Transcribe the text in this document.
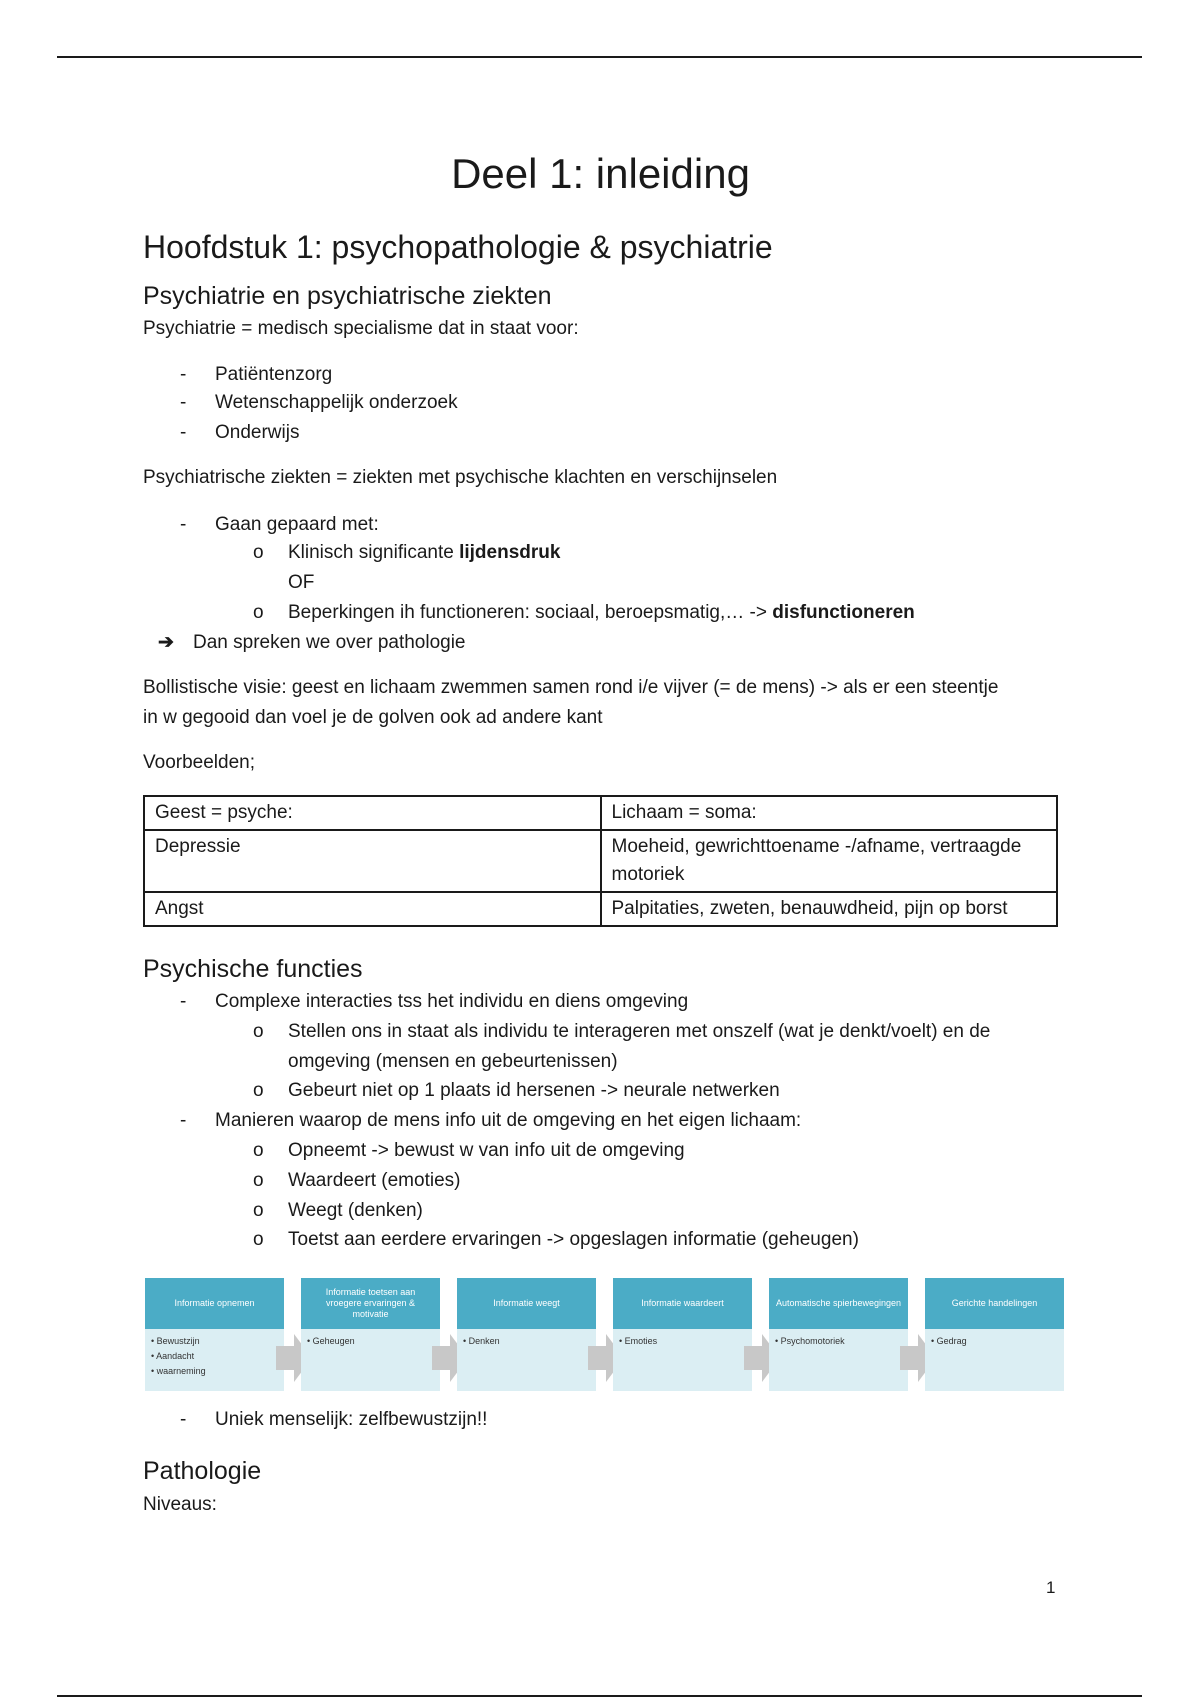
Deel 1: inleiding
Hoofdstuk 1: psychopathologie & psychiatrie
Psychiatrie en psychiatrische ziekten
Psychiatrie = medisch specialisme dat in staat voor:
- Patiëntenzorg
- Wetenschappelijk onderzoek
- Onderwijs
Psychiatrische ziekten = ziekten met psychische klachten en verschijnselen
- Gaan gepaard met:
o Klinisch significante lijdensdruk
OF
o Beperkingen ih functioneren: sociaal, beroepsmatig,… -> disfunctioneren
➔ Dan spreken we over pathologie
Bollistische visie: geest en lichaam zwemmen samen rond i/e vijver (= de mens) -> als er een steentje
in w gegooid dan voel je de golven ook ad andere kant
Voorbeelden;
Geest = psyche:	Lichaam = soma:
Depressie	Moeheid, gewrichttoename -/afname, vertraagde motoriek
Angst	Palpitaties, zweten, benauwdheid, pijn op borst
Psychische functies
- Complexe interacties tss het individu en diens omgeving
o Stellen ons in staat als individu te interageren met onszelf (wat je denkt/voelt) en de
omgeving (mensen en gebeurtenissen)
o Gebeurt niet op 1 plaats id hersenen -> neurale netwerken
- Manieren waarop de mens info uit de omgeving en het eigen lichaam:
o Opneemt -> bewust w van info uit de omgeving
o Waardeert (emoties)
o Weegt (denken)
o Toetst aan eerdere ervaringen -> opgeslagen informatie (geheugen)
Informatie opnemen
• Bewustzijn
• Aandacht
• waarneming
Informatie toetsen aan vroegere ervaringen & motivatie
• Geheugen
Informatie weegt
• Denken
Informatie waardeert
• Emoties
Automatische spierbewegingen
• Psychomotoriek
Gerichte handelingen
• Gedrag
- Uniek menselijk: zelfbewustzijn!!
Pathologie
Niveaus:
1
